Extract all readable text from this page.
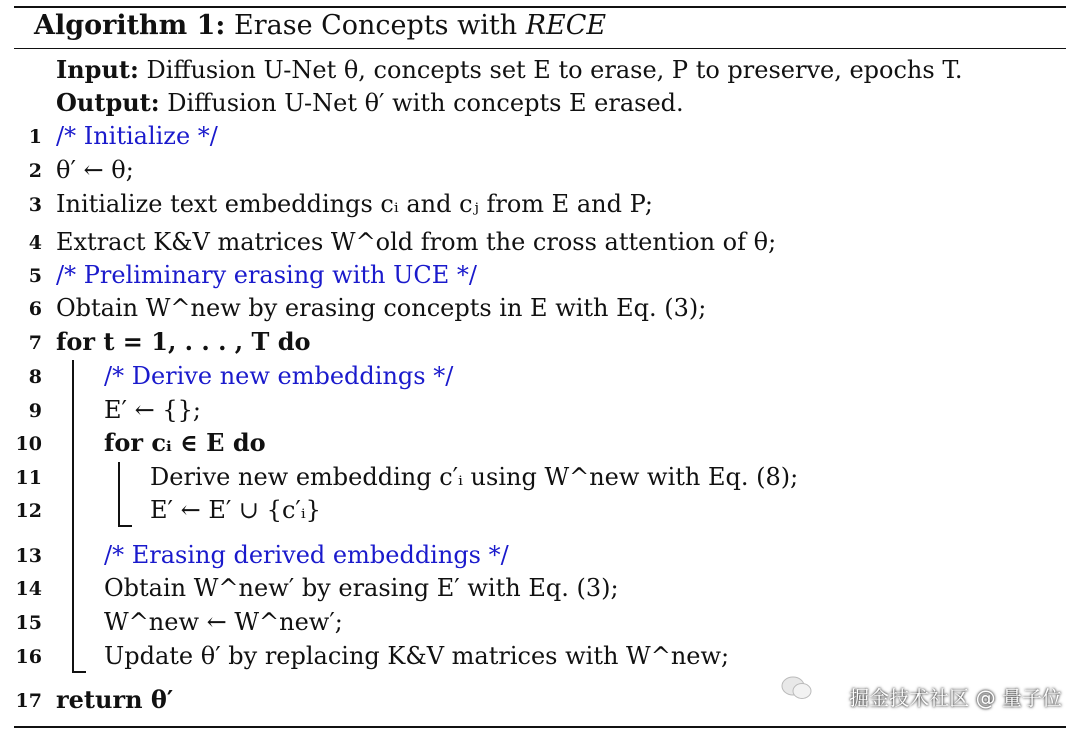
Algorithm 1: Erase Concepts with RECE
Input: Diffusion U-Net θ, concepts set E to erase, P to preserve, epochs T.
Output: Diffusion U-Net θ′ with concepts E erased.
1
2
3
4
5
6
7
8
9
10
11
12
13
14
15
16
17
/* Initialize */
θ′ ← θ;
Initialize text embeddings cᵢ and cⱼ from E and P;
Extract K&V matrices W^old from the cross attention of θ;
/* Preliminary erasing with UCE */
Obtain W^new by erasing concepts in E with Eq. (3);
for t = 1, . . . , T do
/* Derive new embeddings */
E′ ← {};
for cᵢ ∈ E do
Derive new embedding c′ᵢ using W^new with Eq. (8);
E′ ← E′ ∪ {c′ᵢ}
/* Erasing derived embeddings */
Obtain W^new′ by erasing E′ with Eq. (3);
W^new ← W^new′;
Update θ′ by replacing K&V matrices with W^new;
return θ′	掘金技术社区 @ 量子位
